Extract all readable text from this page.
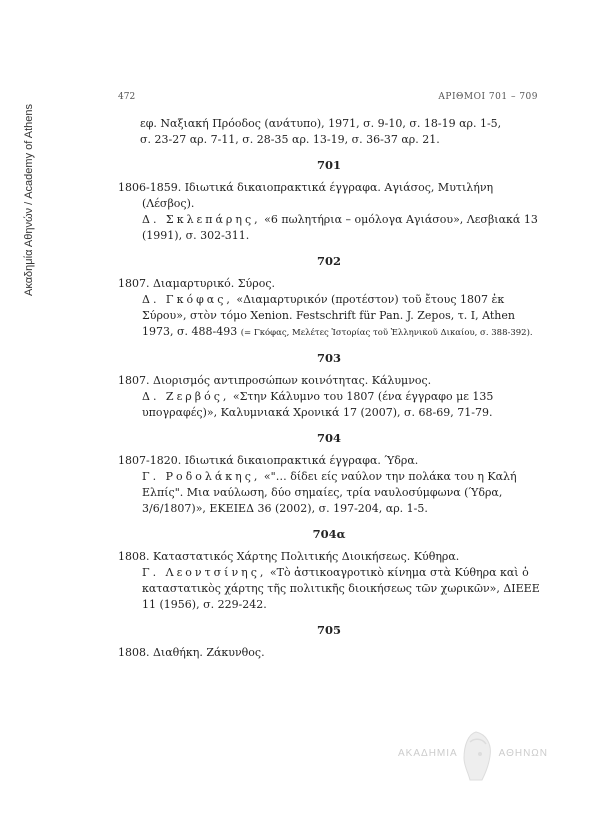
Ακαδημία Αθηνών / Academy of Athens
472	ΑΡΙΘΜΟΙ 701 – 709
εφ. Ναξιακή Πρόοδος (ανάτυπο), 1971, σ. 9-10, σ. 18-19 αρ. 1-5,
σ. 23-27 αρ. 7-11, σ. 28-35 αρ. 13-19, σ. 36-37 αρ. 21.
701
1806-1859. Ιδιωτικά δικαιοπρακτικά έγγραφα. Αγιάσος, Μυτιλήνη (Λέσβος).
Δ. Σκλεπάρης, «6 πωλητήρια – ομόλογα Αγιάσου», Λεσβιακά 13 (1991), σ. 302-311.
702
1807. Διαμαρτυρικό. Σύρος.
Δ. Γκόφας, «Διαμαρτυρικόν (προτέστον) τοῦ ἔτους 1807 ἐκ Σύρου», στὸν τόμο Xenion. Festschrift für Pan. J. Zepos, τ. I, Athen 1973, σ. 488-493 (= Γκόφας, Μελέτες Ἱστορίας τοῦ Ἑλληνικοῦ Δικαίου, σ. 388-392).
703
1807. Διορισμός αντιπροσώπων κοινότητας. Κάλυμνος.
Δ. Ζερβός, «Στην Κάλυμνο του 1807 (ένα έγγραφο με 135 υπογραφές)», Καλυμνιακά Χρονικά 17 (2007), σ. 68-69, 71-79.
704
1807-1820. Ιδιωτικά δικαιοπρακτικά έγγραφα. Ύδρα.
Γ. Ροδολάκης, «"… δίδει είς ναύλον την πολάκα του η Καλή Ελπίς". Μια ναύλωση, δύο σημαίες, τρία ναυλοσύμφωνα (Ύδρα, 3/6/1807)», ΕΚΕΙΕΔ 36 (2002), σ. 197-204, αρ. 1-5.
704α
1808. Καταστατικός Χάρτης Πολιτικής Διοικήσεως. Κύθηρα.
Γ. Λεοντσίνης, «Τὸ ἀστικοαγροτικὸ κίνημα στὰ Κύθηρα καὶ ὁ καταστατικὸς χάρτης τῆς πολιτικῆς διοικήσεως τῶν χωρικῶν», ΔΙΕΕΕ 11 (1956), σ. 229-242.
705
1808. Διαθήκη. Ζάκυνθος.
ΑΚΑΔΗΜΙΑ	ΑΘΗΝΩΝ
